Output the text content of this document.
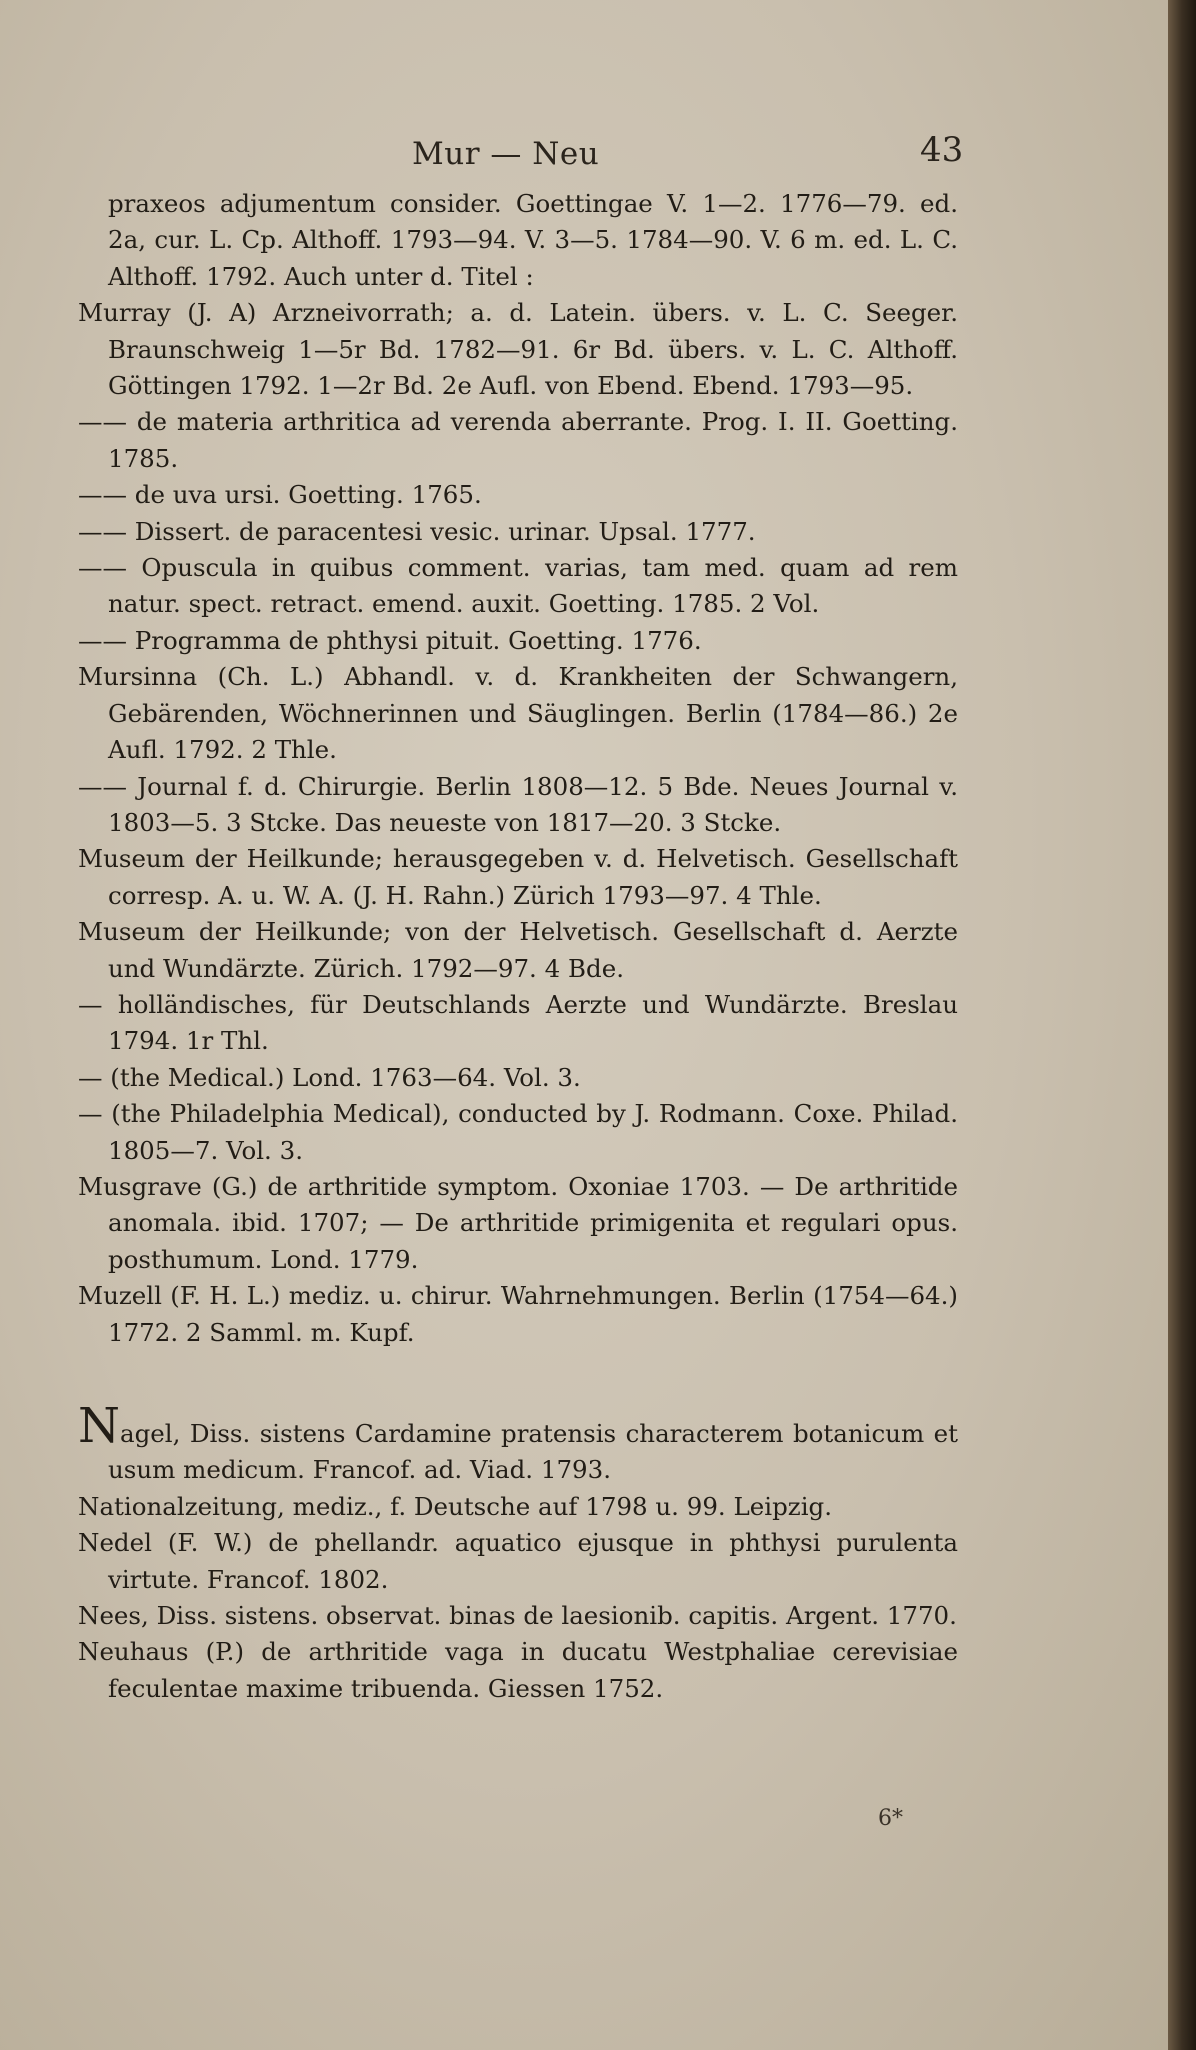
Mur — Neu	43

praxeos adjumentum consider. Goettingae V. 1—2. 1776—79. ed. 2a, cur. L. Cp. Althoff. 1793—94. V. 3—5. 1784—90. V. 6 m. ed. L. C. Althoff. 1792. Auch unter d. Titel :

Murray (J. A) Arzneivorrath; a. d. Latein. übers. v. L. C. Seeger. Braunschweig 1—5r Bd. 1782—91. 6r Bd. übers. v. L. C. Althoff. Göttingen 1792. 1—2r Bd. 2e Aufl. von Ebend. Ebend. 1793—95.

—— de materia arthritica ad verenda aberrante. Prog. I. II. Goetting. 1785.

—— de uva ursi. Goetting. 1765.

—— Dissert. de paracentesi vesic. urinar. Upsal. 1777.

—— Opuscula in quibus comment. varias, tam med. quam ad rem natur. spect. retract. emend. auxit. Goetting. 1785. 2 Vol.

—— Programma de phthysi pituit. Goetting. 1776.

Mursinna (Ch. L.) Abhandl. v. d. Krankheiten der Schwangern, Gebärenden, Wöchnerinnen und Säuglingen. Berlin (1784—86.) 2e Aufl. 1792. 2 Thle.

—— Journal f. d. Chirurgie. Berlin 1808—12. 5 Bde. Neues Journal v. 1803—5. 3 Stcke. Das neueste von 1817—20. 3 Stcke.

Museum der Heilkunde; herausgegeben v. d. Helvetisch. Gesellschaft corresp. A. u. W. A. (J. H. Rahn.) Zürich 1793—97. 4 Thle.

Museum der Heilkunde; von der Helvetisch. Gesellschaft d. Aerzte und Wundärzte. Zürich. 1792—97. 4 Bde.

— holländisches, für Deutschlands Aerzte und Wundärzte. Breslau 1794. 1r Thl.

— (the Medical.) Lond. 1763—64. Vol. 3.

— (the Philadelphia Medical), conducted by J. Rodmann. Coxe. Philad. 1805—7. Vol. 3.

Musgrave (G.) de arthritide symptom. Oxoniae 1703. — De arthritide anomala. ibid. 1707; — De arthritide primigenita et regulari opus. posthumum. Lond. 1779.

Muzell (F. H. L.) mediz. u. chirur. Wahrnehmungen. Berlin (1754—64.) 1772. 2 Samml. m. Kupf.

Nagel, Diss. sistens Cardamine pratensis characterem botanicum et usum medicum. Francof. ad. Viad. 1793.

Nationalzeitung, mediz., f. Deutsche auf 1798 u. 99. Leipzig.

Nedel (F. W.) de phellandr. aquatico ejusque in phthysi purulenta virtute. Francof. 1802.

Nees, Diss. sistens. observat. binas de laesionib. capitis. Argent. 1770.

Neuhaus (P.) de arthritide vaga in ducatu Westphaliae cerevisiae feculentae maxime tribuenda. Giessen 1752.

6*
